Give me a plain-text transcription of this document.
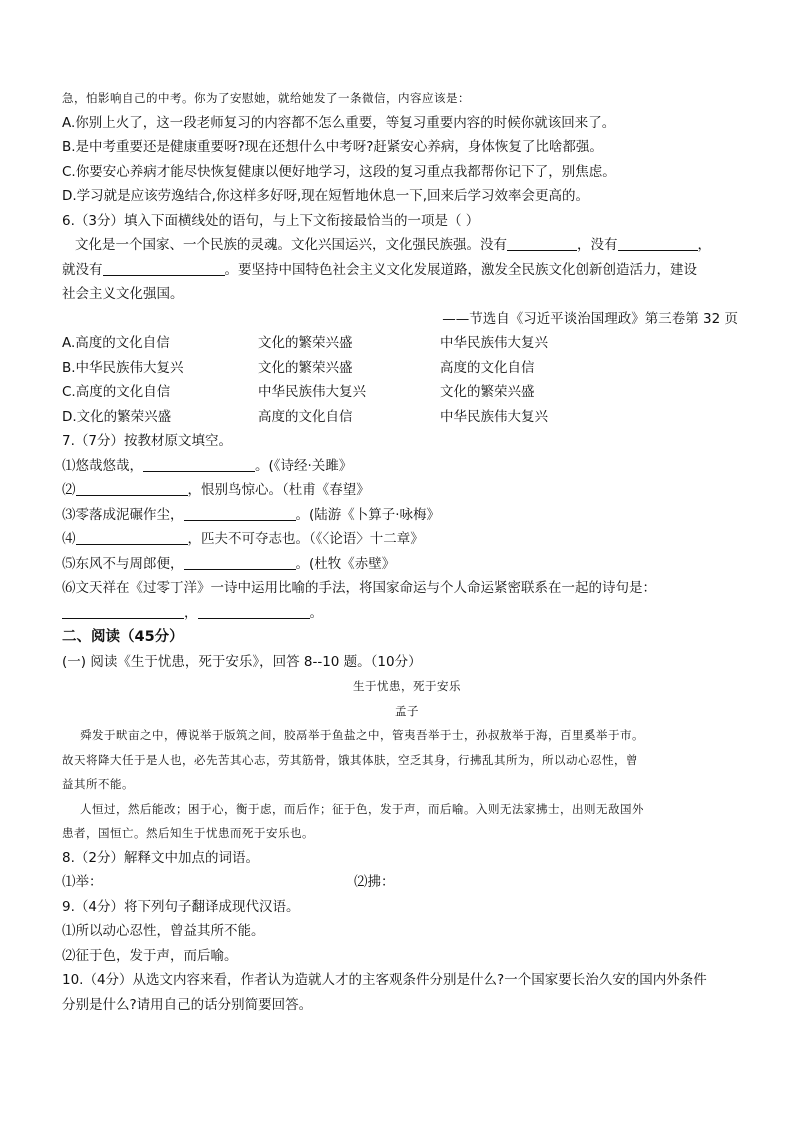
急，怕影响自己的中考。你为了安慰她，就给她发了一条微信，内容应该是：
A.你别上火了，这一段老师复习的内容都不怎么重要，等复习重要内容的时候你就该回来了。
B.是中考重要还是健康重要呀?现在还想什么中考呀?赶紧安心养病，身体恢复了比啥都强。
C.你要安心养病才能尽快恢复健康以便好地学习，这段的复习重点我都帮你记下了，别焦虑。
D.学习就是应该劳逸结合,你这样多好呀,现在短暂地休息一下,回来后学习效率会更高的。
6.（3分）填入下面横线处的语句，与上下文衔接最恰当的一项是（ ）
文化是一个国家、一个民族的灵魂。文化兴国运兴，文化强民族强。没有	，没有	，
就没有	。要坚持中国特色社会主义文化发展道路，激发全民族文化创新创造活力，建设
社会主义文化强国。
——节选自《习近平谈治国理政》第三卷第 32 页
A.高度的文化自信	文化的繁荣兴盛	中华民族伟大复兴
B.中华民族伟大复兴	文化的繁荣兴盛	高度的文化自信
C.高度的文化自信	中华民族伟大复兴	文化的繁荣兴盛
D.文化的繁荣兴盛	高度的文化自信	中华民族伟大复兴
7.（7分）按教材原文填空。
⑴悠哉悠哉，	。(《诗经·关雎》
⑵	，恨别鸟惊心。（杜甫《春望》
⑶零落成泥碾作尘，	。(陆游《卜算子·咏梅》
⑷	，匹夫不可夺志也。（《〈论语〉十二章》
⑸东风不与周郎便，	。(杜牧《赤壁》
⑹文天祥在《过零丁洋》一诗中运用比喻的手法，将国家命运与个人命运紧密联系在一起的诗句是：
，	。
二、阅读（45分）
(一) 阅读《生于忧患，死于安乐》，回答 8--10 题。（10分）
生于忧患，死于安乐
孟子
舜发于畎亩之中，傅说举于版筑之间，胶鬲举于鱼盐之中，管夷吾举于士，孙叔敖举于海，百里奚举于市。
故天将降大任于是人也，必先苦其心志，劳其筋骨，饿其体肤，空乏其身，行拂乱其所为，所以动心忍性，曾
益其所不能。
人恒过，然后能改；困于心，衡于虑，而后作；征于色，发于声，而后喻。入则无法家拂士，出则无敌国外
患者，国恒亡。然后知生于忧患而死于安乐也。
8.（2分）解释文中加点的词语。
⑴举：	⑵拂：
9.（4分）将下列句子翻译成现代汉语。
⑴所以动心忍性，曾益其所不能。
⑵征于色，发于声，而后喻。
10.（4分）从选文内容来看，作者认为造就人才的主客观条件分别是什么?一个国家要长治久安的国内外条件
分别是什么?请用自己的话分别简要回答。
